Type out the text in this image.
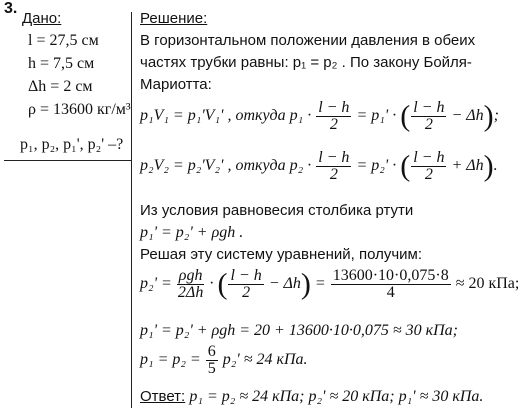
3.
Дано:
l = 27,5 см
h = 7,5 см
Δh = 2 см
ρ = 13600 кг/м³
p₁, p₂, p₁', p₂' –?
Решение:
В горизонтальном положении давления в обеих
частях трубки равны: p₁ = p₂ . По закону Бойля-
Мариотта:
p₁V₁ = p₁'V₁' , откуда $p_1 \cdot \frac{l - h}{2} = p_1'$ · ( $\frac{l - h}{2} - \Delta h$);
p₂V₂ = p₂'V₂' , откуда $p_2 \cdot \frac{l - h}{2} = p_2'$ · ( $\frac{l - h}{2} + \Delta h$).
Из условия равновесия столбика ртути
p₁' = p₂' + ρgh .
Решая эту систему уравнений, получим:
$p_2' = \frac{\text{ρgh}}{2\Delta h}$ · ( $\frac{l - h}{2} - \Delta h) = \frac{13600\cdot 10\cdot 0,075\cdot 8}{4} \approx 20$ кПа;
p₁' = p₂' + ρgh = 20 + 13600·10·0,075 ≈ 30 кПа;
$p_1 = p_2 = \frac{6}{5} p_2' \approx 24$ кПа.
Ответ: p₁ = p₂ ≈ 24 кПа; p₂' ≈ 20 кПа; p₁' ≈ 30 кПа.
